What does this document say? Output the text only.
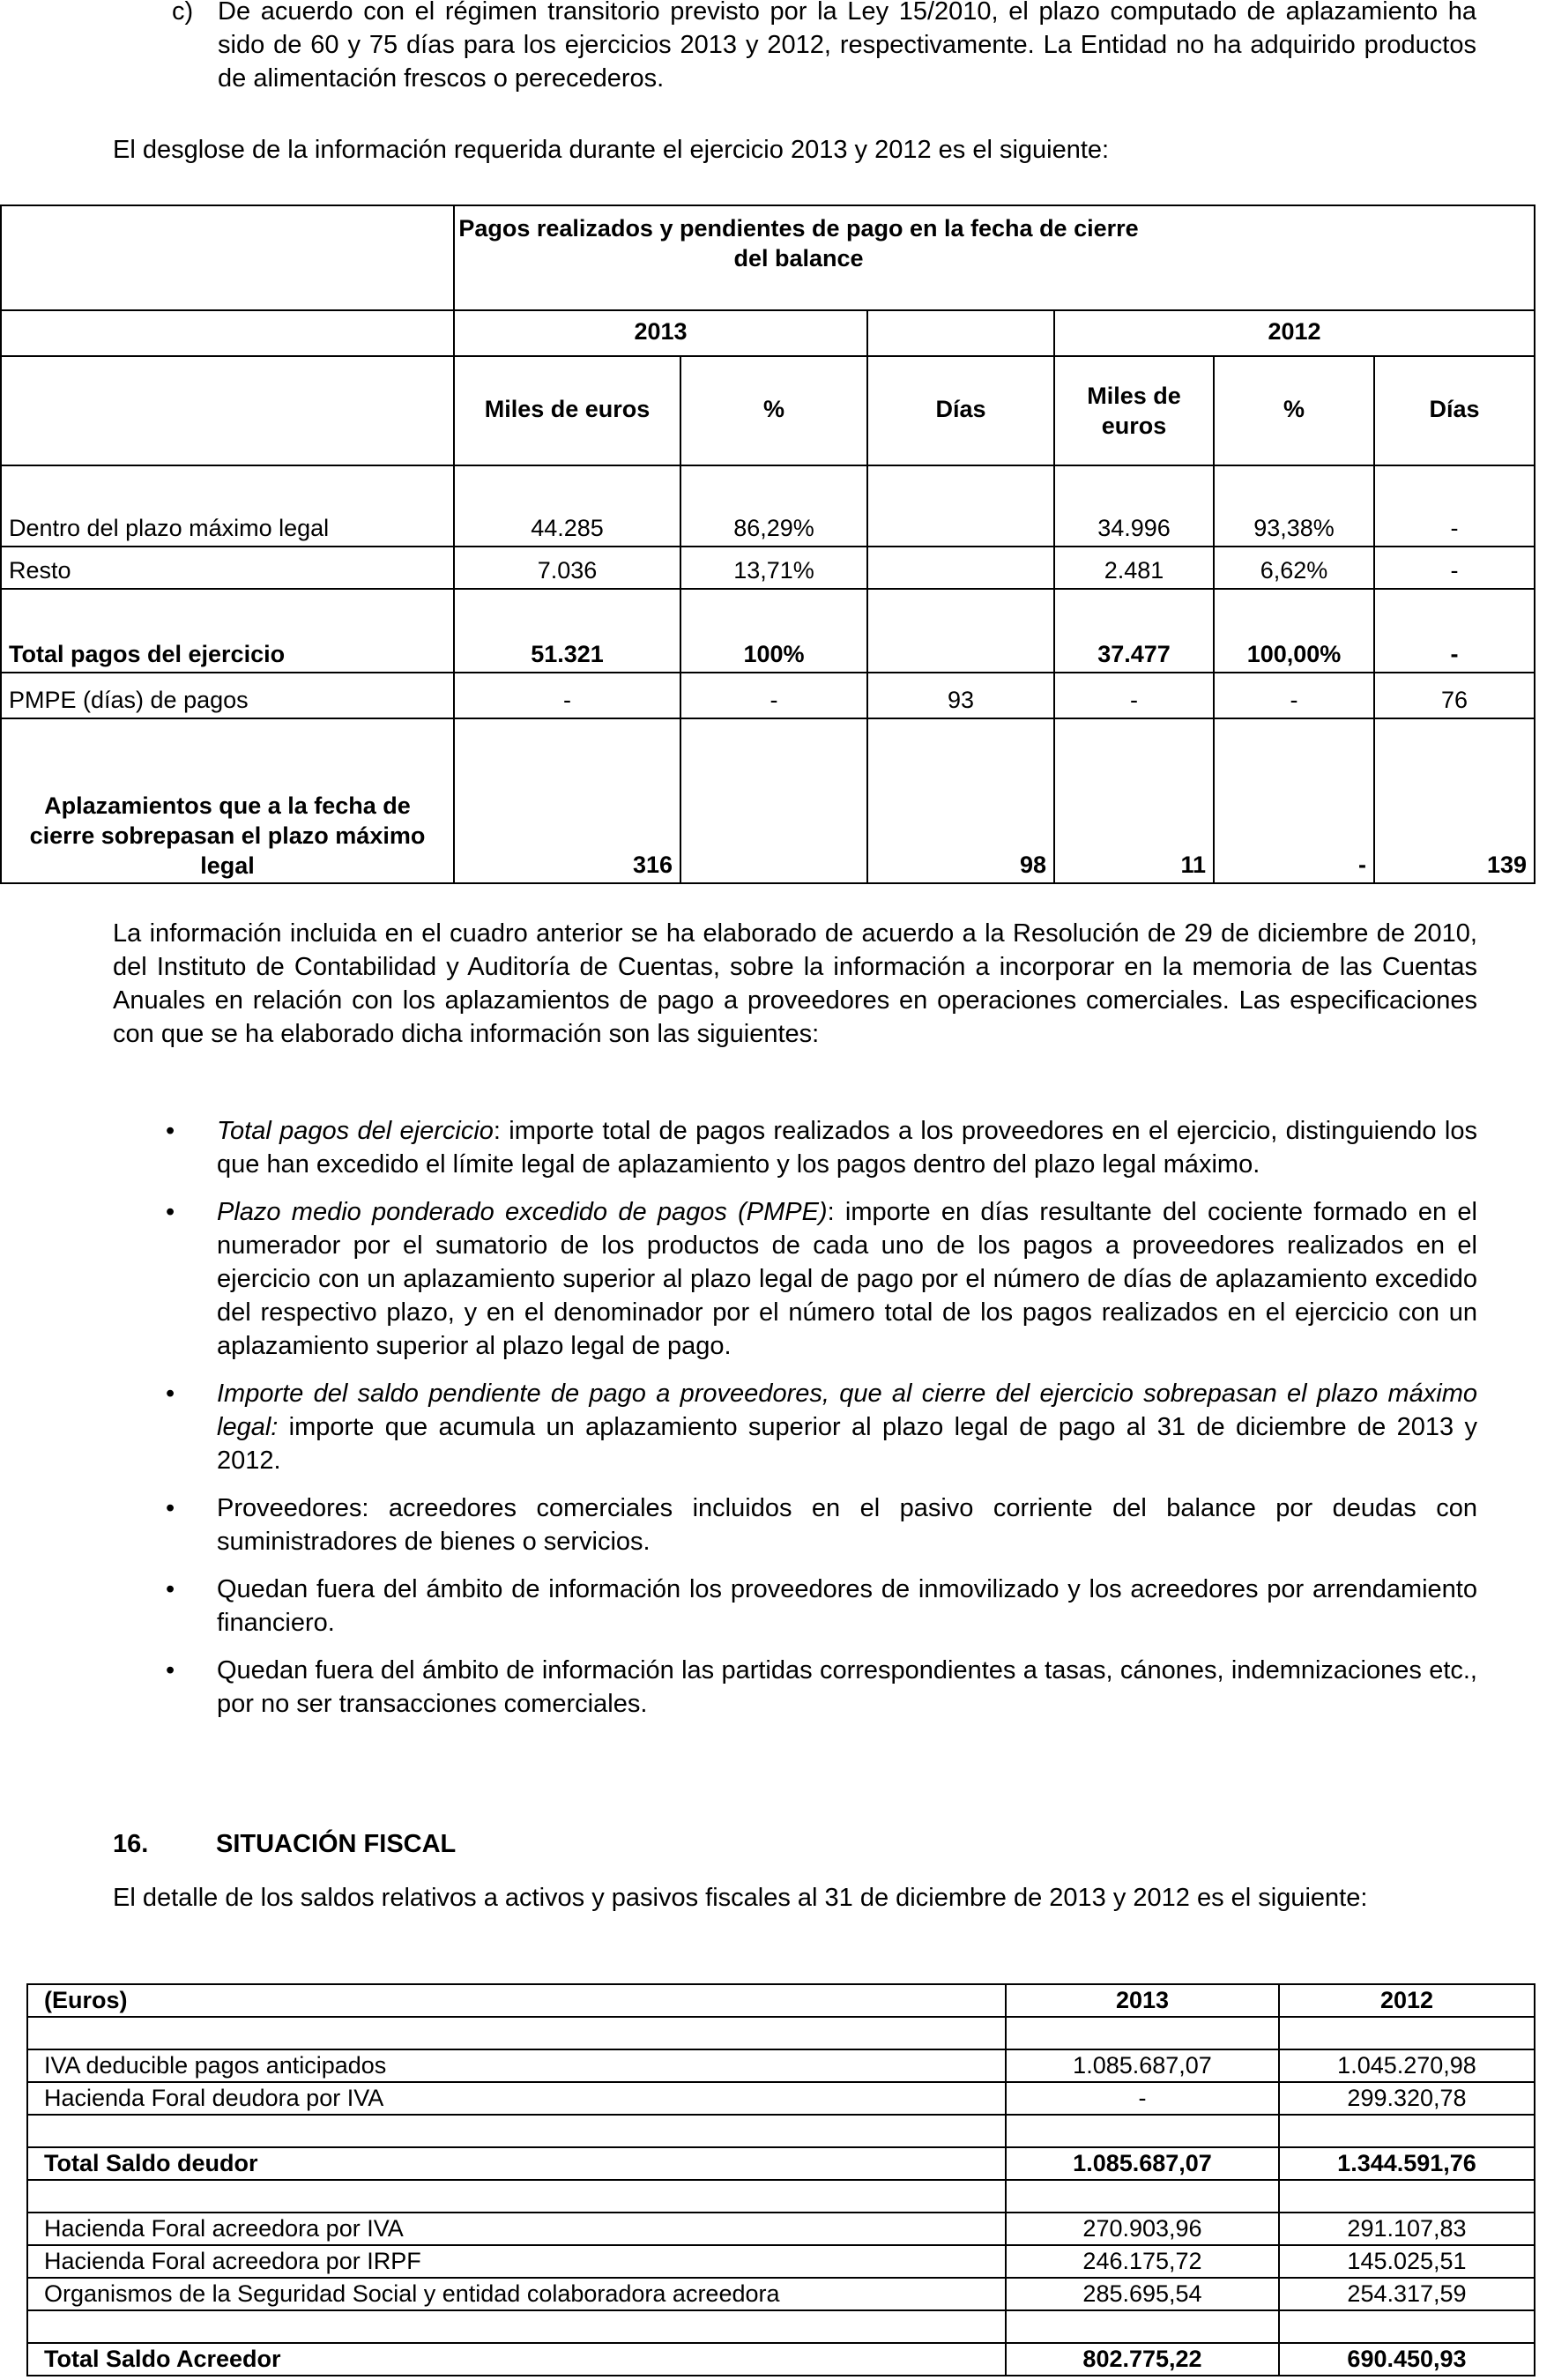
c) De acuerdo con el régimen transitorio previsto por la Ley 15/2010, el plazo computado de aplazamiento ha sido de 60 y 75 días para los ejercicios 2013 y 2012, respectivamente. La Entidad no ha adquirido productos de alimentación frescos o perecederos.
El desglose de la información requerida durante el ejercicio 2013 y 2012 es el siguiente:

	Pagos realizados y pendientes de pago en la fecha de cierre del balance					

	2013			2012		
	Miles de euros	%	Días	Miles de euros	%	Días
Dentro del plazo máximo legal	44.285	86,29%		34.996	93,38%	-
Resto	7.036	13,71%		2.481	6,62%	-
Total pagos del ejercicio	51.321	100%		37.477	100,00%	-
PMPE (días) de pagos	-	-	93	-	-	76
Aplazamientos que a la fecha de cierre sobrepasan el plazo máximo legal	316		98	11	-	139
La información incluida en el cuadro anterior se ha elaborado de acuerdo a la Resolución de 29 de diciembre de 2010, del Instituto de Contabilidad y Auditoría de Cuentas, sobre la información a incorporar en la memoria de las Cuentas Anuales en relación con los aplazamientos de pago a proveedores en operaciones comerciales. Las especificaciones con que se ha elaborado dicha información son las siguientes:
• Total pagos del ejercicio: importe total de pagos realizados a los proveedores en el ejercicio, distinguiendo los que han excedido el límite legal de aplazamiento y los pagos dentro del plazo legal máximo.
• Plazo medio ponderado excedido de pagos (PMPE): importe en días resultante del cociente formado en el numerador por el sumatorio de los productos de cada uno de los pagos a proveedores realizados en el ejercicio con un aplazamiento superior al plazo legal de pago por el número de días de aplazamiento excedido del respectivo plazo, y en el denominador por el número total de los pagos realizados en el ejercicio con un aplazamiento superior al plazo legal de pago.
• Importe del saldo pendiente de pago a proveedores, que al cierre del ejercicio sobrepasan el plazo máximo legal: importe que acumula un aplazamiento superior al plazo legal de pago al 31 de diciembre de 2013 y 2012.
• Proveedores: acreedores comerciales incluidos en el pasivo corriente del balance por deudas con suministradores de bienes o servicios.
• Quedan fuera del ámbito de información los proveedores de inmovilizado y los acreedores por arrendamiento financiero.
• Quedan fuera del ámbito de información las partidas correspondientes a tasas, cánones, indemnizaciones etc., por no ser transacciones comerciales.
16.	SITUACIÓN FISCAL
El detalle de los saldos relativos a activos y pasivos fiscales al 31 de diciembre de 2013 y 2012 es el siguiente:
(Euros)	2013	2012

IVA deducible pagos anticipados	1.085.687,07	1.045.270,98
Hacienda Foral deudora por IVA	-	299.320,78

Total Saldo deudor	1.085.687,07	1.344.591,76

Hacienda Foral acreedora por IVA	270.903,96	291.107,83
Hacienda Foral acreedora por IRPF	246.175,72	145.025,51
Organismos de la Seguridad Social y entidad colaboradora acreedora	285.695,54	254.317,59

Total Saldo Acreedor	802.775,22	690.450,93
